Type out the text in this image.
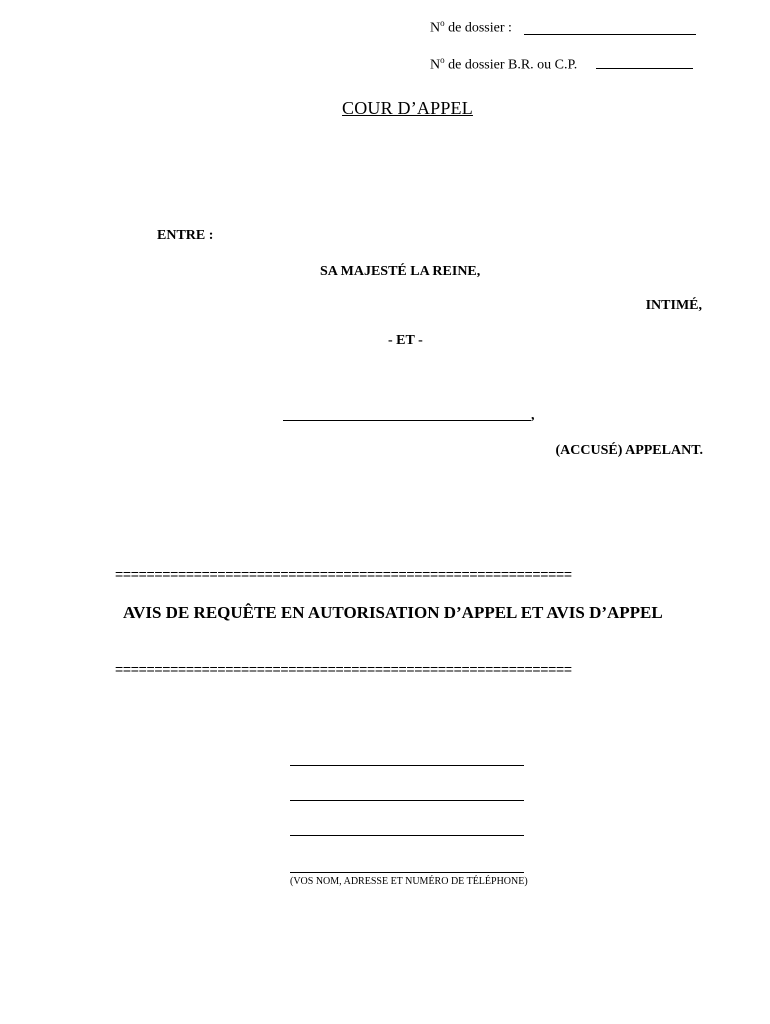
$N^o$ de dossier :
$N^o$ de dossier B.R. ou C.P.
COUR D’APPEL
ENTRE :
SA MAJESTÉ LA REINE,
INTIMÉ,
- ET -
,
(ACCUSÉ) APPELANT.
==========================================================
AVIS DE REQUÊTE EN AUTORISATION D’APPEL ET AVIS D’APPEL
==========================================================
(VOS NOM, ADRESSE ET NUMÉRO DE TÉLÉPHONE)
